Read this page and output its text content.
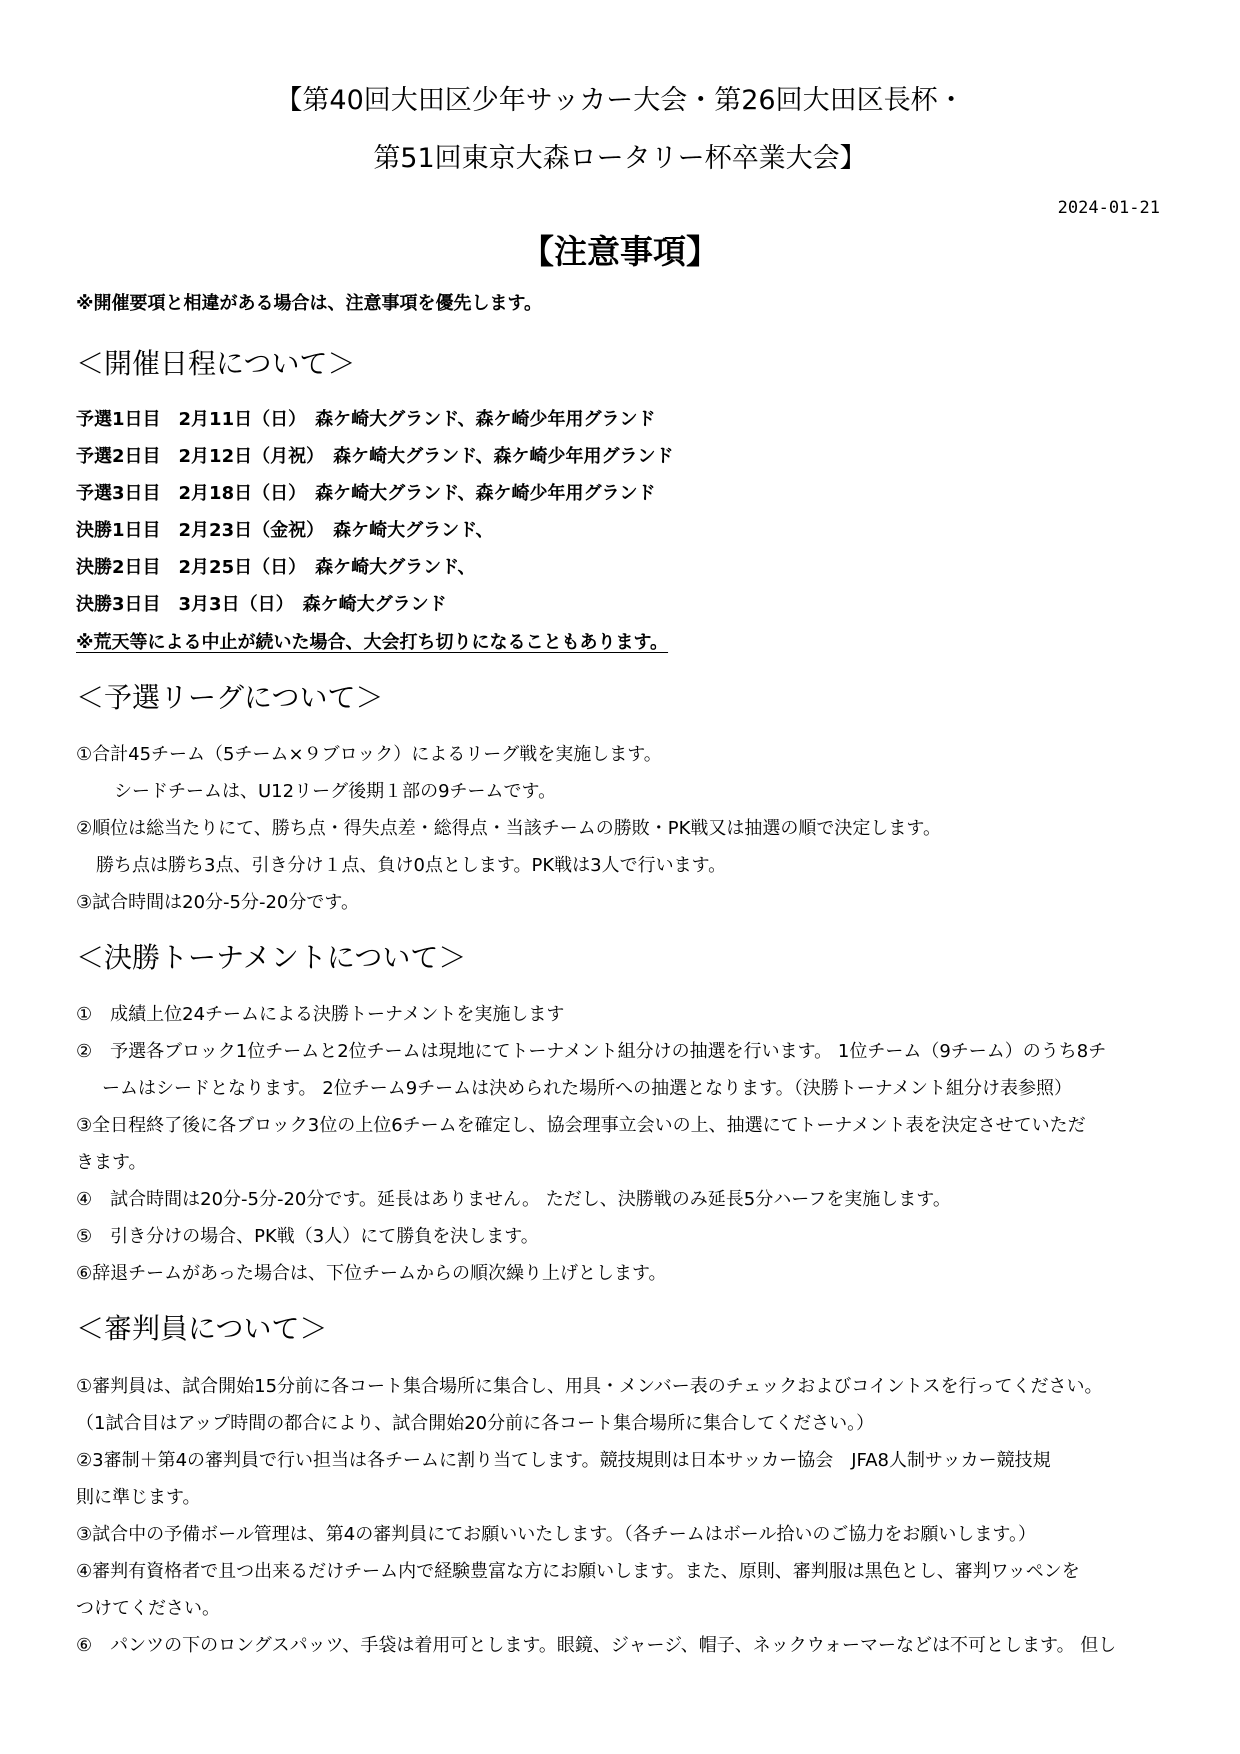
【第40回大田区少年サッカー大会・第26回大田区長杯・
第51回東京大森ロータリー杯卒業大会】
2024-01-21
【注意事項】
※開催要項と相違がある場合は、注意事項を優先します。
＜開催日程について＞
予選1日目　2月11日（日）　森ケ崎大グランド、森ケ崎少年用グランド
予選2日目　2月12日（月祝）　森ケ崎大グランド、森ケ崎少年用グランド
予選3日目　2月18日（日）　森ケ崎大グランド、森ケ崎少年用グランド
決勝1日目　2月23日（金祝）　森ケ崎大グランド、
決勝2日目　2月25日（日）　森ケ崎大グランド、
決勝3日目　3月3日（日）　森ケ崎大グランド
※荒天等による中止が続いた場合、大会打ち切りになることもあります。
＜予選リーグについて＞
①合計45チーム（5チーム×９ブロック）によるリーグ戦を実施します。
シードチームは、U12リーグ後期１部の9チームです。
②順位は総当たりにて、勝ち点・得失点差・総得点・当該チームの勝敗・PK戦又は抽選の順で決定します。
勝ち点は勝ち3点、引き分け１点、負け0点とします。PK戦は3人で行います。
③試合時間は20分-5分-20分です。
＜決勝トーナメントについて＞
①　成績上位24チームによる決勝トーナメントを実施します
②　予選各ブロック1位チームと2位チームは現地にてトーナメント組分けの抽選を行います。 1位チーム（9チーム）のうち8チ
ームはシードとなります。 2位チーム9チームは決められた場所への抽選となります。（決勝トーナメント組分け表参照）
③全日程終了後に各ブロック3位の上位6チームを確定し、協会理事立会いの上、抽選にてトーナメント表を決定させていただ
きます。
④　試合時間は20分-5分-20分です。延長はありません。 ただし、決勝戦のみ延長5分ハーフを実施します。
⑤　引き分けの場合、PK戦（3人）にて勝負を決します。
⑥辞退チームがあった場合は、下位チームからの順次繰り上げとします。
＜審判員について＞
①審判員は、試合開始15分前に各コート集合場所に集合し、用具・メンバー表のチェックおよびコイントスを行ってください。
（1試合目はアップ時間の都合により、試合開始20分前に各コート集合場所に集合してください。）
②3審制＋第4の審判員で行い担当は各チームに割り当てします。競技規則は日本サッカー協会　JFA8人制サッカー競技規
則に準じます。
③試合中の予備ボール管理は、第4の審判員にてお願いいたします。（各チームはボール拾いのご協力をお願いします。）
④審判有資格者で且つ出来るだけチーム内で経験豊富な方にお願いします。また、原則、審判服は黒色とし、審判ワッペンを
つけてください。
⑥　パンツの下のロングスパッツ、手袋は着用可とします。眼鏡、ジャージ、帽子、ネックウォーマーなどは不可とします。 但し
